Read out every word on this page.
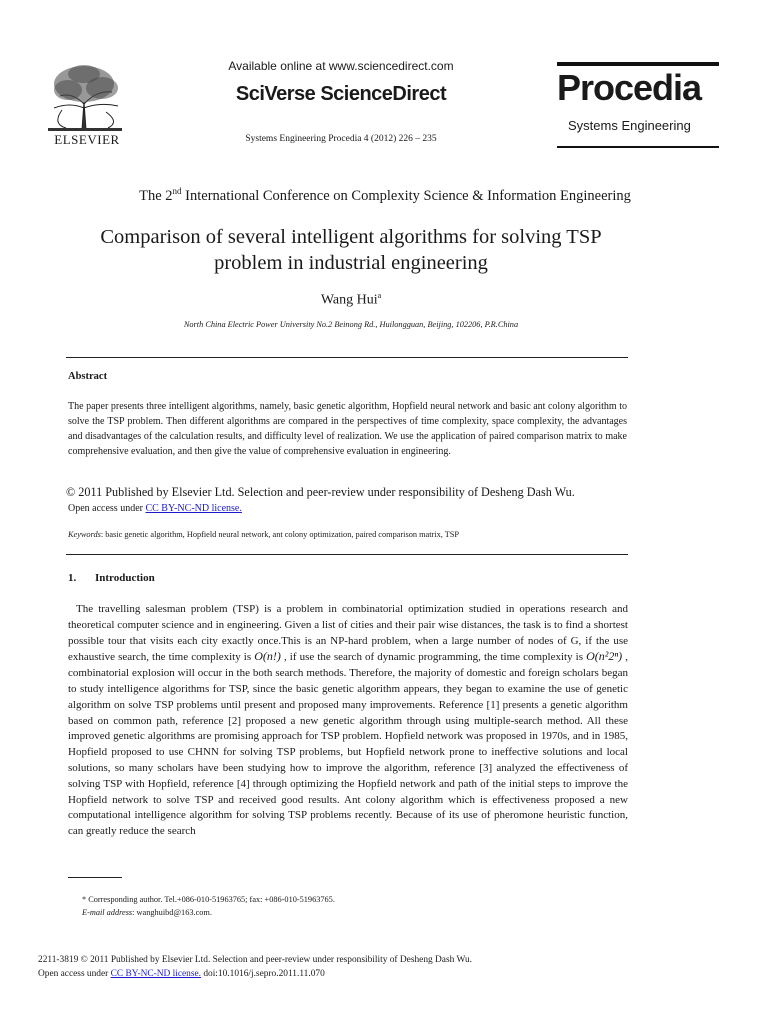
ELSEVIER
Available online at www.sciencedirect.com
SciVerse ScienceDirect
Systems Engineering Procedia 4 (2012) 226 – 235
Procedia
Systems Engineering
The 2nd International Conference on Complexity Science & Information Engineering
Comparison of several intelligent algorithms for solving TSP
problem in industrial engineering
Wang Hui$^a$
North China Electric Power University No.2 Beinong Rd., Huilongguan, Beijing, 102206, P.R.China
Abstract
The paper presents three intelligent algorithms, namely, basic genetic algorithm, Hopfield neural network and basic ant colony algorithm to solve the TSP problem. Then different algorithms are compared in the perspectives of time complexity, space complexity, the advantages and disadvantages of the calculation results, and difficulty level of realization. We use the application of paired comparison matrix to make comprehensive evaluation, and then give the value of comprehensive evaluation in engineering.
© 2011 Published by Elsevier Ltd. Selection and peer-review under responsibility of Desheng Dash Wu.
Open access under CC BY-NC-ND license.
Keywords: basic genetic algorithm, Hopfield neural network, ant colony optimization, paired comparison matrix, TSP
1. Introduction
The travelling salesman problem (TSP) is a problem in combinatorial optimization studied in operations research and theoretical computer science and in engineering. Given a list of cities and their pair wise distances, the task is to find a shortest possible tour that visits each city exactly once.This is an NP-hard problem, when a large number of nodes of G, if the use exhaustive search, the time complexity is O(n!) , if use the search of dynamic programming, the time complexity is O(n²2ⁿ) , combinatorial explosion will occur in the both search methods. Therefore, the majority of domestic and foreign scholars began to study intelligence algorithms for TSP, since the basic genetic algorithm appears, they began to examine the use of genetic algorithm on solve TSP problems until present and proposed many improvements. Reference [1] presents a genetic algorithm based on common path, reference [2] proposed a new genetic algorithm through using multiple-search method. All these improved genetic algorithms are promising approach for TSP problem. Hopfield network was proposed in 1970s, and in 1985, Hopfield proposed to use CHNN for solving TSP problems, but Hopfield network prone to ineffective solutions and local solutions, so many scholars have been studying how to improve the algorithm, reference [3] analyzed the effectiveness of solving TSP with Hopfield, reference [4] through optimizing the Hopfield network and path of the initial steps to improve the Hopfield network to solve TSP and received good results. Ant colony algorithm which is effectiveness proposed a new computational intelligence algorithm for solving TSP problems recently. Because of its use of pheromone heuristic function, can greatly reduce the search
* Corresponding author. Tel.+086-010-51963765; fax: +086-010-51963765.
E-mail address: wanghuibd@163.com.
2211-3819 © 2011 Published by Elsevier Ltd. Selection and peer-review under responsibility of Desheng Dash Wu.
Open access under CC BY-NC-ND license. doi:10.1016/j.sepro.2011.11.070
